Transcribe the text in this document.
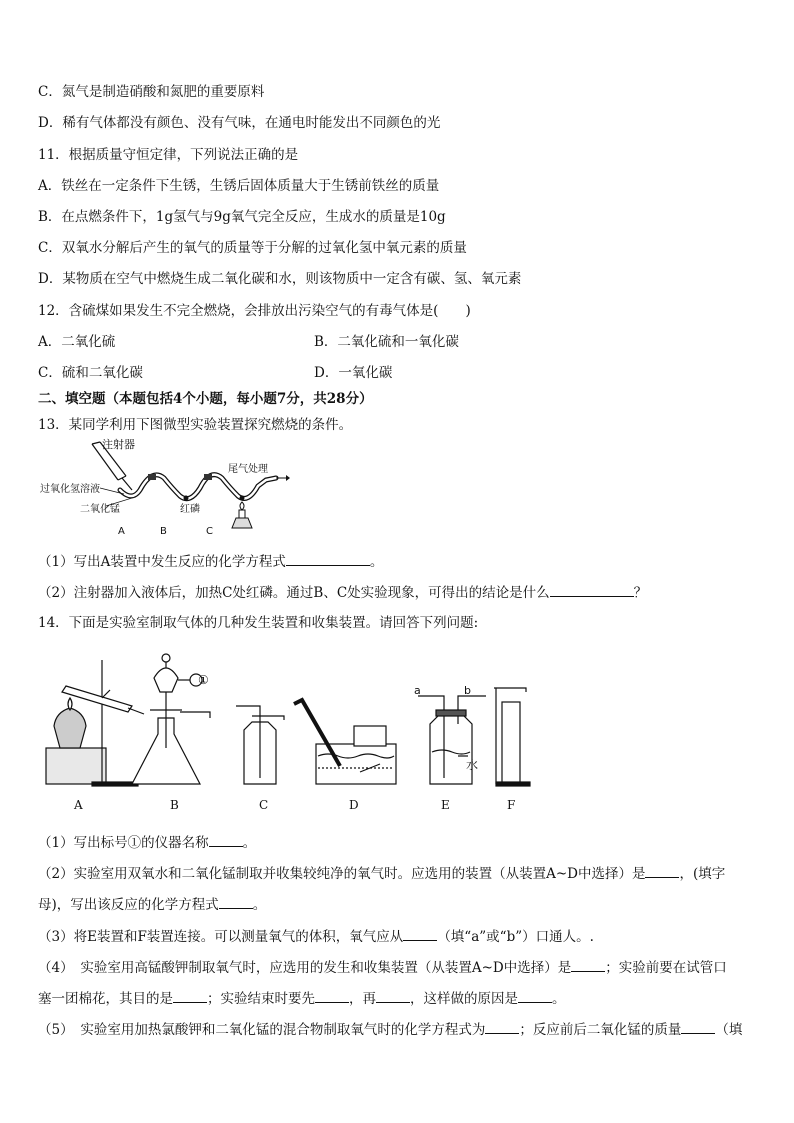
C．氮气是制造硝酸和氮肥的重要原料
D．稀有气体都没有颜色、没有气味，在通电时能发出不同颜色的光
11．根据质量守恒定律，下列说法正确的是
A．铁丝在一定条件下生锈，生锈后固体质量大于生锈前铁丝的质量
B．在点燃条件下，1g氢气与9g氧气完全反应，生成水的质量是10g
C．双氧水分解后产生的氧气的质量等于分解的过氧化氢中氧元素的质量
D．某物质在空气中燃烧生成二氧化碳和水，则该物质中一定含有碳、氢、氧元素
12．含硫煤如果发生不完全燃烧，会排放出污染空气的有毒气体是(　　)
A．二氧化硫	B．二氧化硫和一氧化碳
C．硫和二氧化碳	D．一氧化碳
二、填空题（本题包括4个小题，每小题7分，共28分）
13．某同学利用下图微型实验装置探究燃烧的条件。
注射器
过氧化氢溶液
二氧化锰	红磷
尾气处理
A	B	C
（1）写出A装置中发生反应的化学方程式	。
（2）注射器加入液体后，加热C处红磷。通过B、C处实验现象，可得出的结论是什么	？
14．下面是实验室制取气体的几种发生装置和收集装置。请回答下列问题:
①
a	b
水
A	B	C	D	E	F
（1）写出标号①的仪器名称	。
（2）实验室用双氧水和二氧化锰制取并收集较纯净的氧气时。应选用的装置（从装置A~D中选择）是	，(填字
母)，写出该反应的化学方程式	。
（3）将E装置和F装置连接。可以测量氧气的体积，氧气应从	（填“a”或“b”）口通人。.
（4）　实验室用高锰酸钾制取氧气时，应选用的发生和收集装置（从装置A~D中选择）是	；实验前要在试管口
塞一团棉花，其目的是	；实验结束时要先	，再	，这样做的原因是	。
（5）　实验室用加热氯酸钾和二氧化锰的混合物制取氧气时的化学方程式为	；反应前后二氧化锰的质量	（填
